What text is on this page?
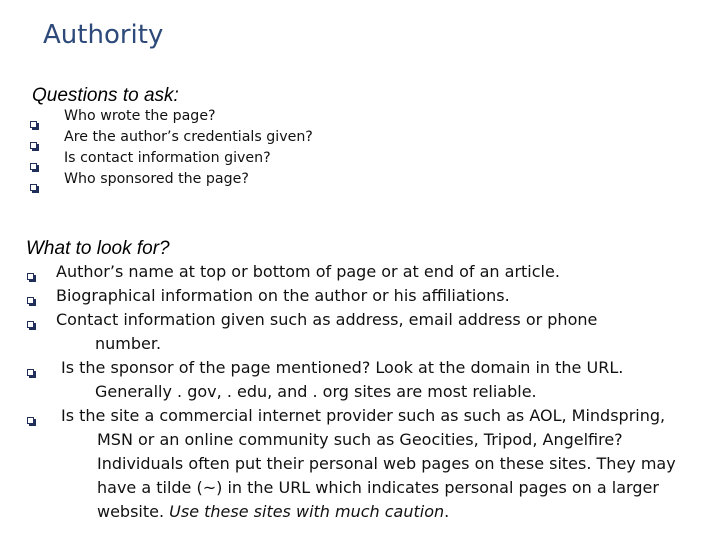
Authority
Questions to ask:
Who wrote the page?
Are the author’s credentials given?
Is contact information given?
Who sponsored the page?
What to look for?
Author’s name at top or bottom of page or at end of an article.
Biographical information on the author or his affiliations.
Contact information given such as address, email address or phone
number.
Is the sponsor of the page mentioned? Look at the domain in the URL.
Generally . gov, . edu, and . org sites are most reliable.
Is the site a commercial internet provider such as such as AOL, Mindspring,
MSN or an online community such as Geocities, Tripod, Angelfire?
Individuals often put their personal web pages on these sites. They may
have a tilde (~) in the URL which indicates personal pages on a larger
website. Use these sites with much caution.
